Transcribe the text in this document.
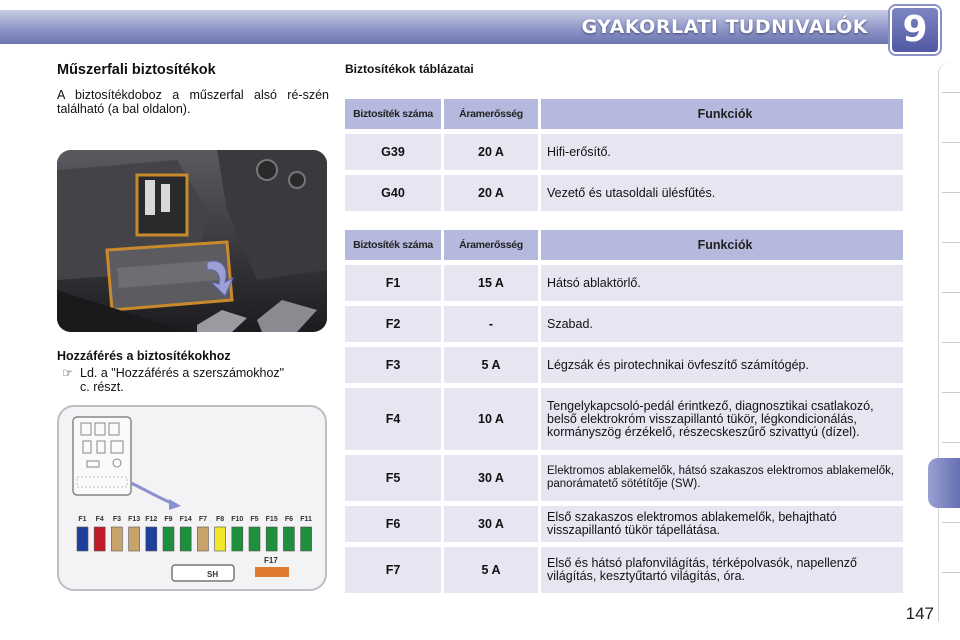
GYAKORLATI TUDNIVALÓK 9
Műszerfali biztosítékok
A biztosítékdoboz a műszerfal alsó ré-szén található (a bal oldalon).
Hozzáférés a biztosítékokhoz
☞ Ld. a "Hozzáférés a szerszámokhoz"
c. részt.
F1 F4 F3 F13 F12 F9 F14 F7 F8 F10 F5 F15 F6 F11
SH
F17
Biztosítékok táblázatai
Biztosíték száma	Áramerősség	Funkciók
G39	20 A	Hifi-erősítő.
G40	20 A	Vezető és utasoldali ülésfűtés.
Biztosíték száma	Áramerősség	Funkciók
F1	15 A	Hátsó ablaktörlő.
F2	-	Szabad.
F3	5 A	Légzsák és pirotechnikai övfeszítő számítógép.
F4	10 A	Tengelykapcsoló-pedál érintkező, diagnosztikai csatlakozó, belső elektrokróm visszapillantó tükör, légkondicionálás, kormányszög érzékelő, részecskeszűrő szivattyú (dízel).
F5	30 A	Elektromos ablakemelők, hátsó szakaszos elektromos ablakemelők, panorámatető sötétítője (SW).
F6	30 A	Első szakaszos elektromos ablakemelők, behajtható visszapillantó tükör tápellátása.
F7	5 A	Első és hátsó plafonvilágítás, térképolvasók, napellenző világítás, kesztyűtartó világítás, óra.
147
